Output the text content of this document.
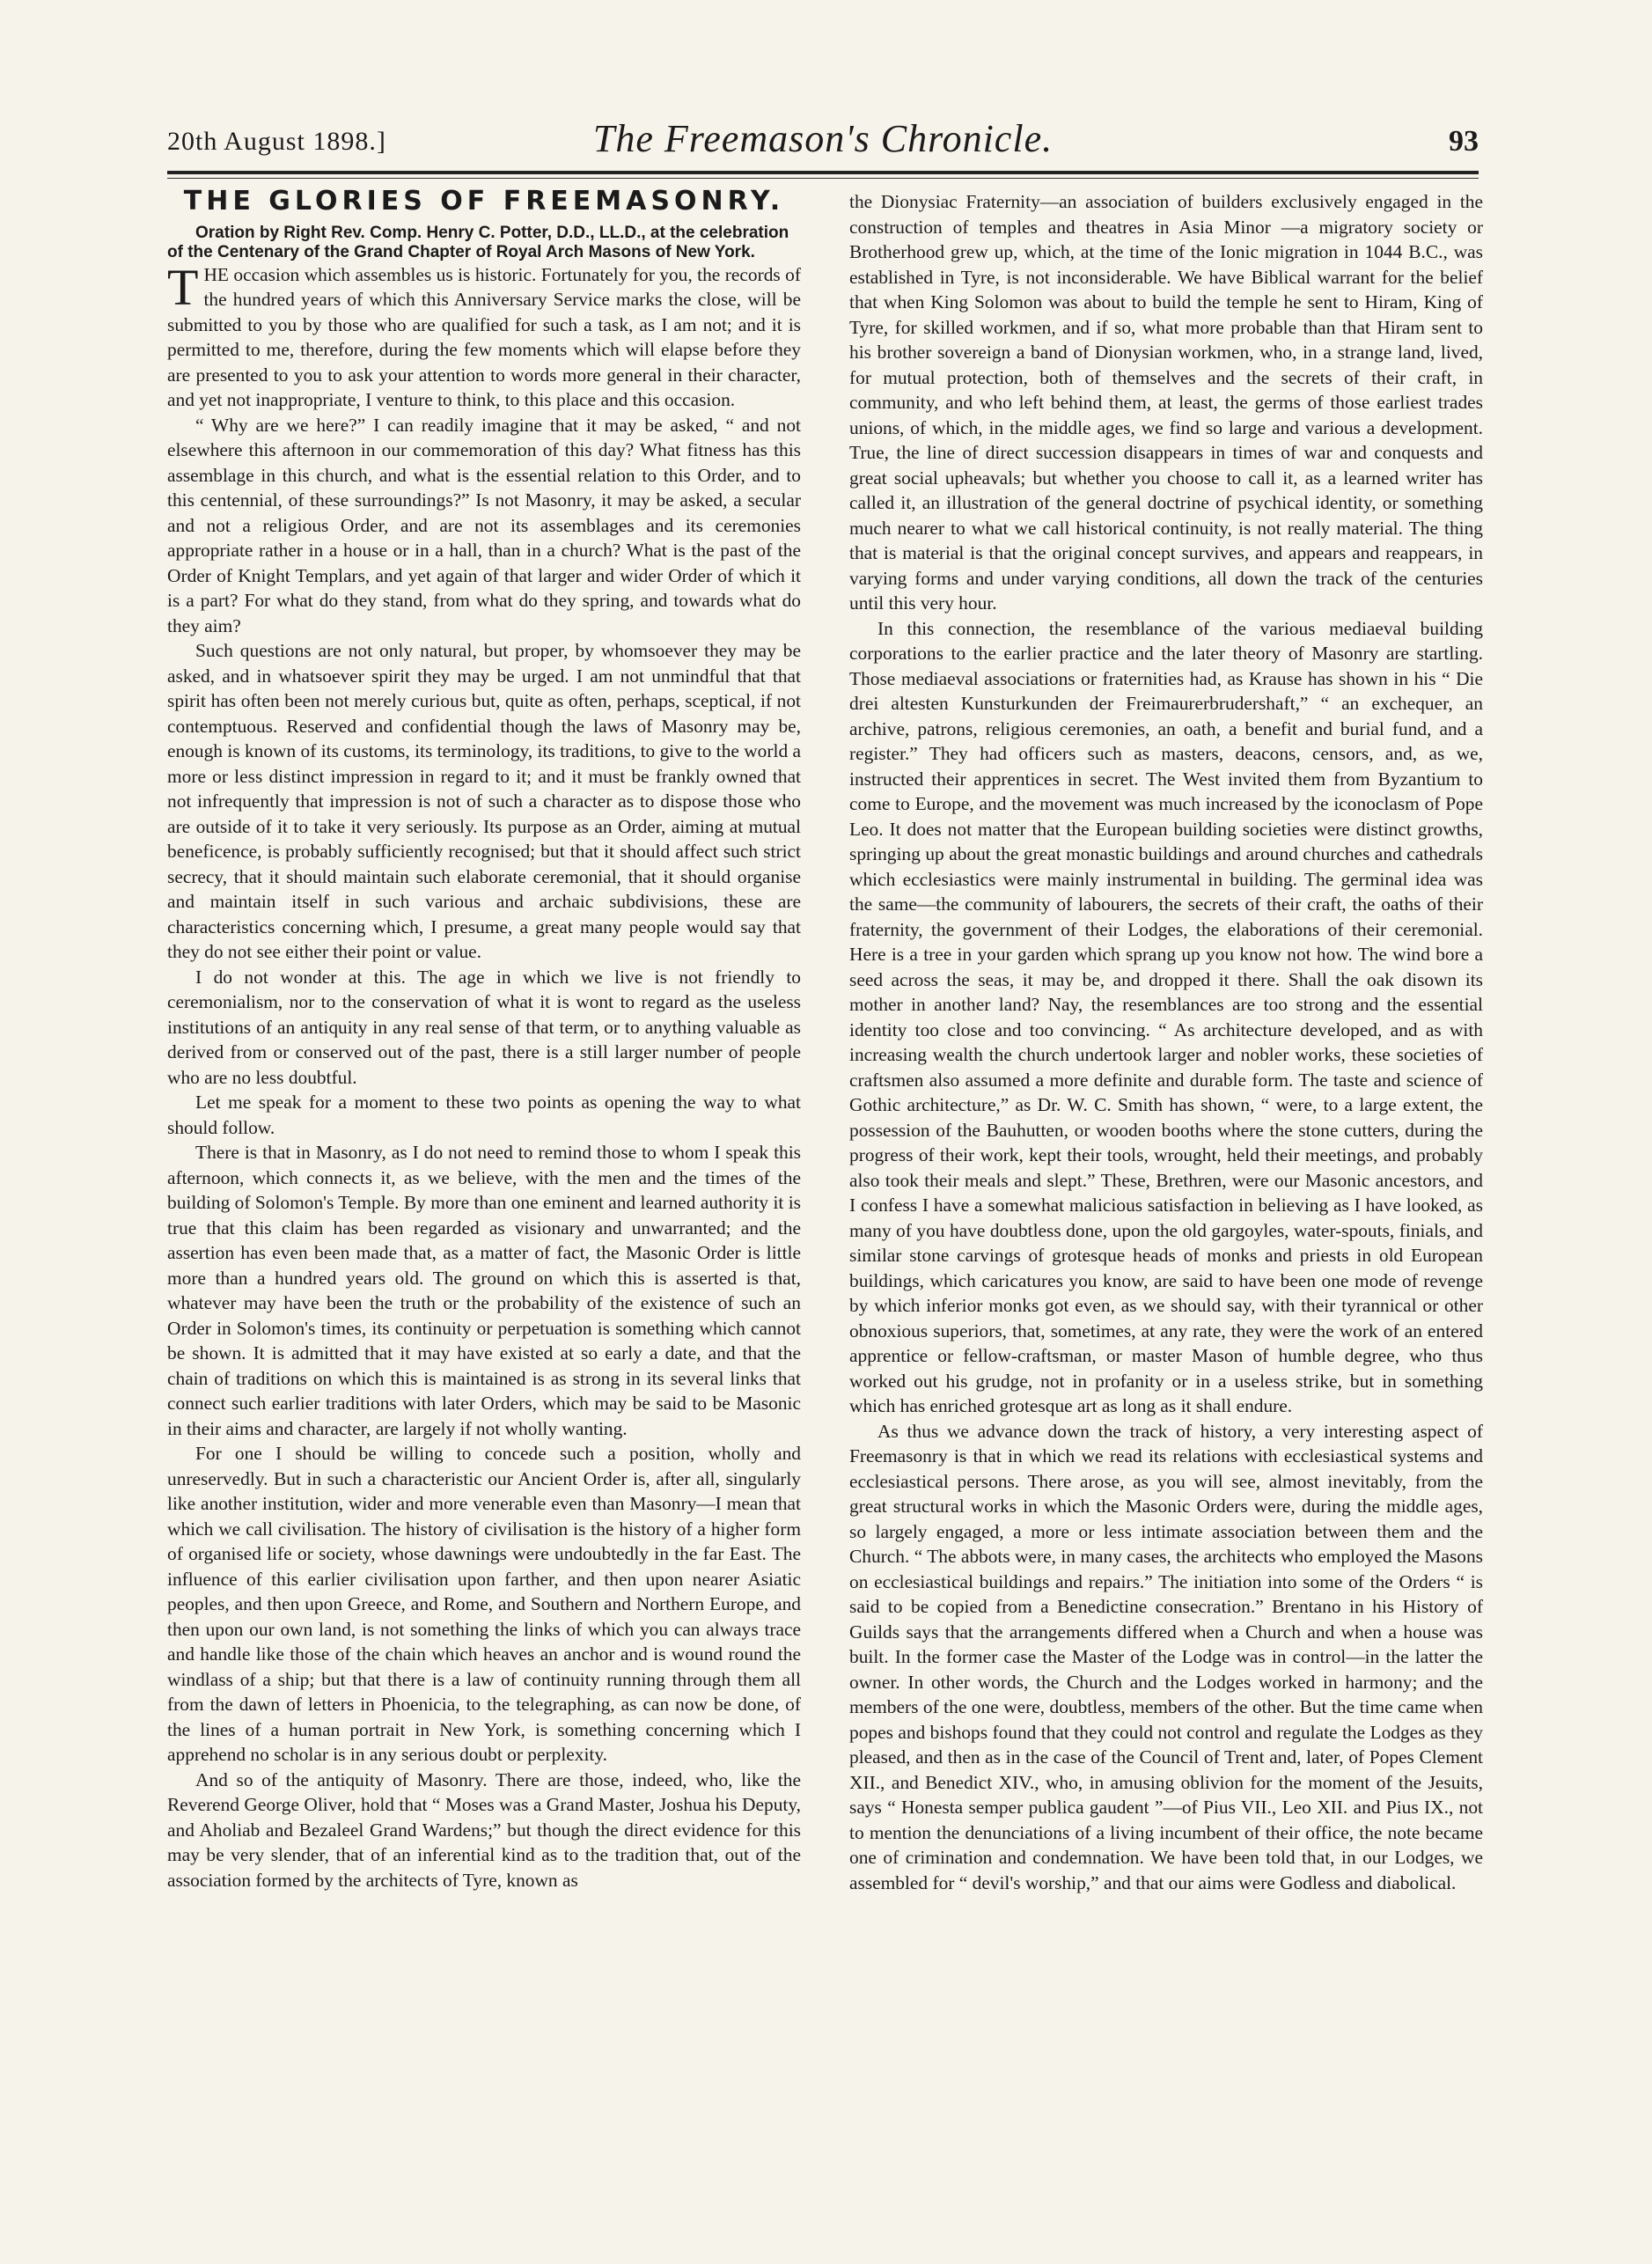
20th August 1898.]	The Freemason's Chronicle.	93
THE GLORIES OF FREEMASONRY.

Oration by Right Rev. Comp. Henry C. Potter, D.D., LL.D., at the celebration of the Centenary of the Grand Chapter of Royal Arch Masons of New York.

THE occasion which assembles us is historic. Fortunately for you, the records of the hundred years of which this Anniversary Service marks the close, will be submitted to you by those who are qualified for such a task, as I am not; and it is permitted to me, therefore, during the few moments which will elapse before they are presented to you to ask your attention to words more general in their character, and yet not inappropriate, I venture to think, to this place and this occasion.

“ Why are we here?” I can readily imagine that it may be asked, “ and not elsewhere this afternoon in our commemoration of this day? What fitness has this assemblage in this church, and what is the essential relation to this Order, and to this centennial, of these surroundings?” Is not Masonry, it may be asked, a secular and not a religious Order, and are not its assemblages and its ceremonies appropriate rather in a house or in a hall, than in a church? What is the past of the Order of Knight Templars, and yet again of that larger and wider Order of which it is a part? For what do they stand, from what do they spring, and towards what do they aim?

Such questions are not only natural, but proper, by whomsoever they may be asked, and in whatsoever spirit they may be urged. I am not unmindful that that spirit has often been not merely curious but, quite as often, perhaps, sceptical, if not contemptuous. Reserved and confidential though the laws of Masonry may be, enough is known of its customs, its terminology, its traditions, to give to the world a more or less distinct impression in regard to it; and it must be frankly owned that not infrequently that impression is not of such a character as to dispose those who are outside of it to take it very seriously. Its purpose as an Order, aiming at mutual beneficence, is probably sufficiently recognised; but that it should affect such strict secrecy, that it should maintain such elaborate ceremonial, that it should organise and maintain itself in such various and archaic subdivisions, these are characteristics concerning which, I presume, a great many people would say that they do not see either their point or value.

I do not wonder at this. The age in which we live is not friendly to ceremonialism, nor to the conservation of what it is wont to regard as the useless institutions of an antiquity in any real sense of that term, or to anything valuable as derived from or conserved out of the past, there is a still larger number of people who are no less doubtful.

Let me speak for a moment to these two points as opening the way to what should follow.

There is that in Masonry, as I do not need to remind those to whom I speak this afternoon, which connects it, as we believe, with the men and the times of the building of Solomon's Temple. By more than one eminent and learned authority it is true that this claim has been regarded as visionary and unwarranted; and the assertion has even been made that, as a matter of fact, the Masonic Order is little more than a hundred years old. The ground on which this is asserted is that, whatever may have been the truth or the probability of the existence of such an Order in Solomon's times, its continuity or perpetuation is something which cannot be shown. It is admitted that it may have existed at so early a date, and that the chain of traditions on which this is maintained is as strong in its several links that connect such earlier traditions with later Orders, which may be said to be Masonic in their aims and character, are largely if not wholly wanting.

For one I should be willing to concede such a position, wholly and unreservedly. But in such a characteristic our Ancient Order is, after all, singularly like another institution, wider and more venerable even than Masonry—I mean that which we call civilisation. The history of civilisation is the history of a higher form of organised life or society, whose dawnings were undoubtedly in the far East. The influence of this earlier civilisation upon farther, and then upon nearer Asiatic peoples, and then upon Greece, and Rome, and Southern and Northern Europe, and then upon our own land, is not something the links of which you can always trace and handle like those of the chain which heaves an anchor and is wound round the windlass of a ship; but that there is a law of continuity running through them all from the dawn of letters in Phoenicia, to the telegraphing, as can now be done, of the lines of a human portrait in New York, is something concerning which I apprehend no scholar is in any serious doubt or perplexity.

And so of the antiquity of Masonry. There are those, indeed, who, like the Reverend George Oliver, hold that “ Moses was a Grand Master, Joshua his Deputy, and Aholiab and Bezaleel Grand Wardens;” but though the direct evidence for this may be very slender, that of an inferential kind as to the tradition that, out of the association formed by the architects of Tyre, known as

the Dionysiac Fraternity—an association of builders exclusively engaged in the construction of temples and theatres in Asia Minor —a migratory society or Brotherhood grew up, which, at the time of the Ionic migration in 1044 B.C., was established in Tyre, is not inconsiderable. We have Biblical warrant for the belief that when King Solomon was about to build the temple he sent to Hiram, King of Tyre, for skilled workmen, and if so, what more probable than that Hiram sent to his brother sovereign a band of Dionysian workmen, who, in a strange land, lived, for mutual protection, both of themselves and the secrets of their craft, in community, and who left behind them, at least, the germs of those earliest trades unions, of which, in the middle ages, we find so large and various a development. True, the line of direct succession disappears in times of war and conquests and great social upheavals; but whether you choose to call it, as a learned writer has called it, an illustration of the general doctrine of psychical identity, or something much nearer to what we call historical continuity, is not really material. The thing that is material is that the original concept survives, and appears and reappears, in varying forms and under varying conditions, all down the track of the centuries until this very hour.

In this connection, the resemblance of the various mediaeval building corporations to the earlier practice and the later theory of Masonry are startling. Those mediaeval associations or fraternities had, as Krause has shown in his “ Die drei altesten Kunsturkunden der Freimaurerbrudershaft,” “ an exchequer, an archive, patrons, religious ceremonies, an oath, a benefit and burial fund, and a register.” They had officers such as masters, deacons, censors, and, as we, instructed their apprentices in secret. The West invited them from Byzantium to come to Europe, and the movement was much increased by the iconoclasm of Pope Leo. It does not matter that the European building societies were distinct growths, springing up about the great monastic buildings and around churches and cathedrals which ecclesiastics were mainly instrumental in building. The germinal idea was the same—the community of labourers, the secrets of their craft, the oaths of their fraternity, the government of their Lodges, the elaborations of their ceremonial. Here is a tree in your garden which sprang up you know not how. The wind bore a seed across the seas, it may be, and dropped it there. Shall the oak disown its mother in another land? Nay, the resemblances are too strong and the essential identity too close and too convincing. “ As architecture developed, and as with increasing wealth the church undertook larger and nobler works, these societies of craftsmen also assumed a more definite and durable form. The taste and science of Gothic architecture,” as Dr. W. C. Smith has shown, “ were, to a large extent, the possession of the Bauhutten, or wooden booths where the stone cutters, during the progress of their work, kept their tools, wrought, held their meetings, and probably also took their meals and slept.” These, Brethren, were our Masonic ancestors, and I confess I have a somewhat malicious satisfaction in believing as I have looked, as many of you have doubtless done, upon the old gargoyles, water-spouts, finials, and similar stone carvings of grotesque heads of monks and priests in old European buildings, which caricatures you know, are said to have been one mode of revenge by which inferior monks got even, as we should say, with their tyrannical or other obnoxious superiors, that, sometimes, at any rate, they were the work of an entered apprentice or fellow-craftsman, or master Mason of humble degree, who thus worked out his grudge, not in profanity or in a useless strike, but in something which has enriched grotesque art as long as it shall endure.

As thus we advance down the track of history, a very interesting aspect of Freemasonry is that in which we read its relations with ecclesiastical systems and ecclesiastical persons. There arose, as you will see, almost inevitably, from the great structural works in which the Masonic Orders were, during the middle ages, so largely engaged, a more or less intimate association between them and the Church. “ The abbots were, in many cases, the architects who employed the Masons on ecclesiastical buildings and repairs.” The initiation into some of the Orders “ is said to be copied from a Benedictine consecration.” Brentano in his History of Guilds says that the arrangements differed when a Church and when a house was built. In the former case the Master of the Lodge was in control—in the latter the owner. In other words, the Church and the Lodges worked in harmony; and the members of the one were, doubtless, members of the other. But the time came when popes and bishops found that they could not control and regulate the Lodges as they pleased, and then as in the case of the Council of Trent and, later, of Popes Clement XII., and Benedict XIV., who, in amusing oblivion for the moment of the Jesuits, says “ Honesta semper publica gaudent ”—of Pius VII., Leo XII. and Pius IX., not to mention the denunciations of a living incumbent of their office, the note became one of crimination and condemnation. We have been told that, in our Lodges, we assembled for “ devil's worship,” and that our aims were Godless and diabolical.
